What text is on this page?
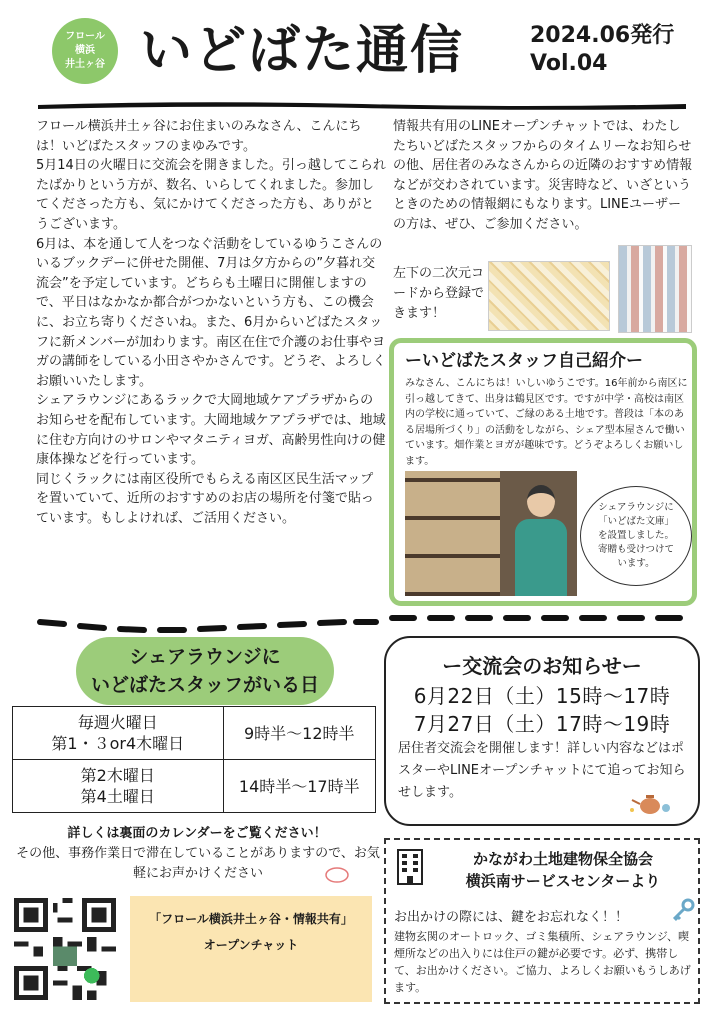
フロール
横浜
井土ヶ谷 いどばた通信	2024.06発行
Vol.04

フロール横浜井土ヶ谷にお住まいのみなさん、こんにちは！いどばたスタッフのまゆみです。

5月14日の火曜日に交流会を開きました。引っ越してこられたばかりという方が、数名、いらしてくれました。参加してくださった方も、気にかけてくださった方も、ありがとうございます。

6月は、本を通して人をつなぐ活動をしているゆうこさんのいるブックデーに併せた開催、7月は夕方からの”夕暮れ交流会”を予定しています。どちらも土曜日に開催しますので、平日はなかなか都合がつかないという方も、この機会に、お立ち寄りくださいね。また、6月からいどばたスタッフに新メンバーが加わります。南区在住で介護のお仕事やヨガの講師をしている小田さやかさんです。どうぞ、よろしくお願いいたします。

シェアラウンジにあるラックで大岡地域ケアプラザからのお知らせを配布しています。大岡地域ケアプラザでは、地域に住む方向けのサロンやマタニティヨガ、高齢男性向けの健康体操などを行っています。

同じくラックには南区役所でもらえる南区区民生活マップを置いていて、近所のおすすめのお店の場所を付箋で貼っています。もしよければ、ご活用ください。

情報共有用のLINEオープンチャットでは、わたしたちいどばたスタッフからのタイムリーなお知らせの他、居住者のみなさんからの近隣のおすすめ情報などが交わされています。災害時など、いざというときのための情報網にもなります。LINEユーザーの方は、ぜひ、ご参加ください。
左下の二次元コードから登録できます！
ーいどばたスタッフ自己紹介ー
みなさん、こんにちは！いしいゆうこです。16年前から南区に引っ越してきて、出身は鶴見区です。ですが中学・高校は南区内の学校に通っていて、ご縁のある土地です。普段は「本のある居場所づくり」の活動をしながら、シェア型本屋さんで働いています。畑作業とヨガが趣味です。どうぞよろしくお願いします。
シェアラウンジに
「いどばた文庫」
を設置しました。
寄贈も受けつけて
います。
シェアラウンジに
いどばたスタッフがいる日
毎週火曜日
第1・３or4木曜日	9時半〜12時半

第2木曜日
第4土曜日	14時半〜17時半
詳しくは裏面のカレンダーをご覧ください！
その他、事務作業日で滞在していることがありますので、お気軽にお声かけください
「フロール横浜井土ヶ谷・情報共有」
オープンチャット
ー交流会のお知らせー
6月22日（土）15時〜17時
7月27日（土）17時〜19時
居住者交流会を開催します！詳しい内容などはポスターやLINEオープンチャットにて追ってお知らせします。
かながわ土地建物保全協会
横浜南サービスセンターより
お出かけの際には、鍵をお忘れなく！！
建物玄関のオートロック、ゴミ集積所、シェアラウンジ、喫煙所などの出入りには住戸の鍵が必要です。必ず、携帯して、お出かけください。ご協力、よろしくお願いもうしあげます。
